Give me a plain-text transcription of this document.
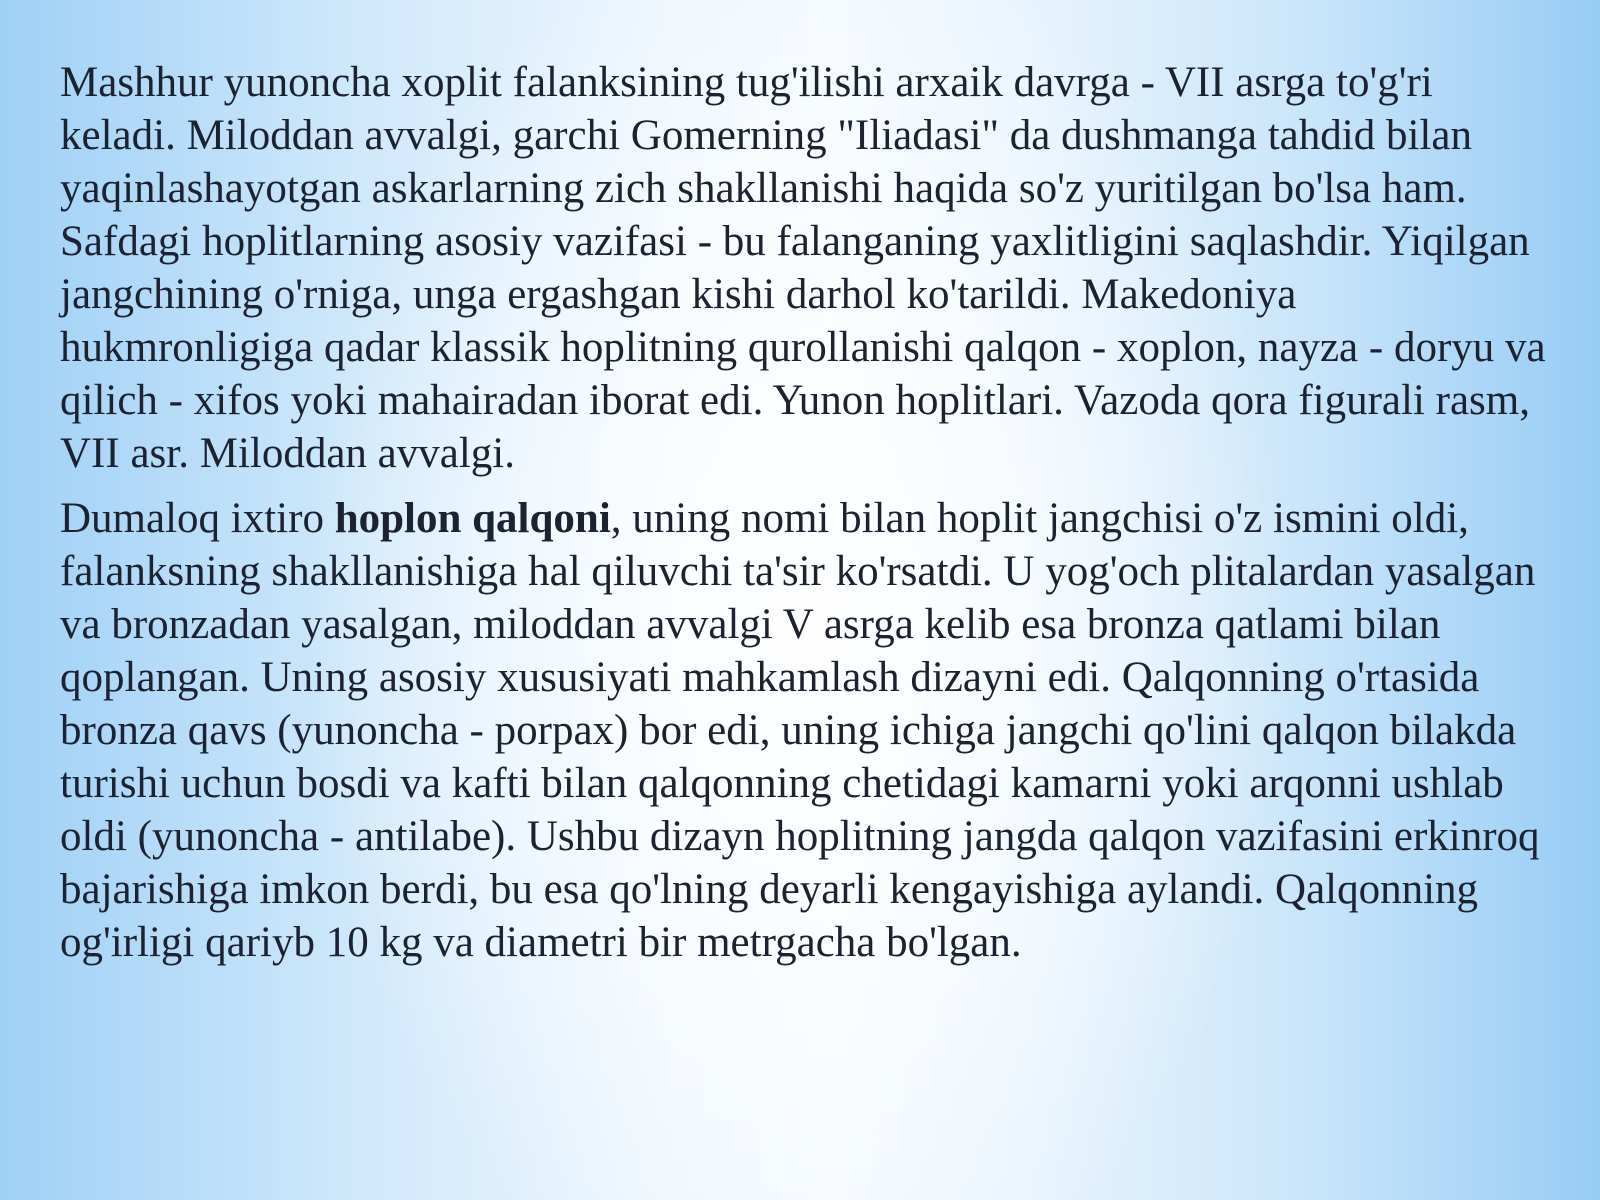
Mashhur yunoncha xoplit falanksining tug'ilishi arxaik davrga - VII asrga to'g'ri keladi. Miloddan avvalgi, garchi Gomerning "Iliadasi" da dushmanga tahdid bilan yaqinlashayotgan askarlarning zich shakllanishi haqida so'z yuritilgan bo'lsa ham. Safdagi hoplitlarning asosiy vazifasi - bu falanganing yaxlitligini saqlashdir. Yiqilgan jangchining o'rniga, unga ergashgan kishi darhol ko'tarildi. Makedoniya hukmronligiga qadar klassik hoplitning qurollanishi qalqon - xoplon, nayza - doryu va qilich - xifos yoki mahairadan iborat edi. Yunon hoplitlari. Vazoda qora figurali rasm, VII asr. Miloddan avvalgi.

Dumaloq ixtiro hoplon qalqoni, uning nomi bilan hoplit jangchisi o'z ismini oldi, falanksning shakllanishiga hal qiluvchi ta'sir ko'rsatdi. U yog'och plitalardan yasalgan va bronzadan yasalgan, miloddan avvalgi V asrga kelib esa bronza qatlami bilan qoplangan. Uning asosiy xususiyati mahkamlash dizayni edi. Qalqonning o'rtasida bronza qavs (yunoncha - porpax) bor edi, uning ichiga jangchi qo'lini qalqon bilakda turishi uchun bosdi va kafti bilan qalqonning chetidagi kamarni yoki arqonni ushlab oldi (yunoncha - antilabe). Ushbu dizayn hoplitning jangda qalqon vazifasini erkinroq bajarishiga imkon berdi, bu esa qo'lning deyarli kengayishiga aylandi. Qalqonning og'irligi qariyb 10 kg va diametri bir metrgacha bo'lgan.
